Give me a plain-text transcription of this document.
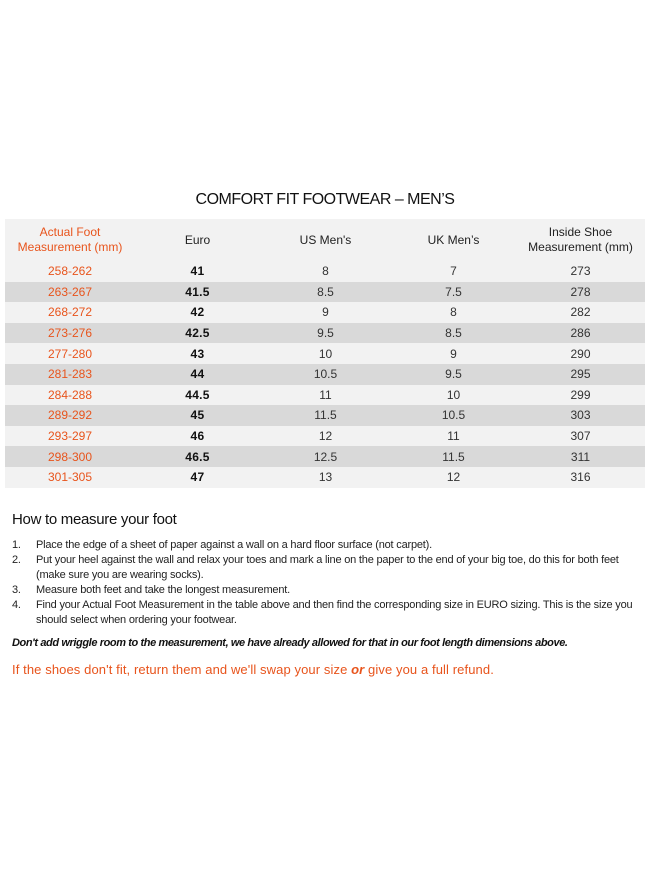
COMFORT FIT FOOTWEAR – MEN’S
Actual Foot
Measurement (mm)	Euro	US Men's	UK Men’s	Inside Shoe
Measurement (mm)
258-262	41	8	7	273
263-267	41.5	8.5	7.5	278
268-272	42	9	8	282
273-276	42.5	9.5	8.5	286
277-280	43	10	9	290
281-283	44	10.5	9.5	295
284-288	44.5	11	10	299
289-292	45	11.5	10.5	303
293-297	46	12	11	307
298-300	46.5	12.5	11.5	311
301-305	47	13	12	316
How to measure your foot
1.	Place the edge of a sheet of paper against a wall on a hard floor surface (not carpet).
2.	Put your heel against the wall and relax your toes and mark a line on the paper to the end of your big toe, do this for both feet (make sure you are wearing socks).
3.	Measure both feet and take the longest measurement.
4.	Find your Actual Foot Measurement in the table above and then find the corresponding size in EURO sizing. This is the size you should select when ordering your footwear.
Don't add wriggle room to the measurement, we have already allowed for that in our foot length dimensions above.
If the shoes don't fit, return them and we'll swap your size or give you a full refund.
